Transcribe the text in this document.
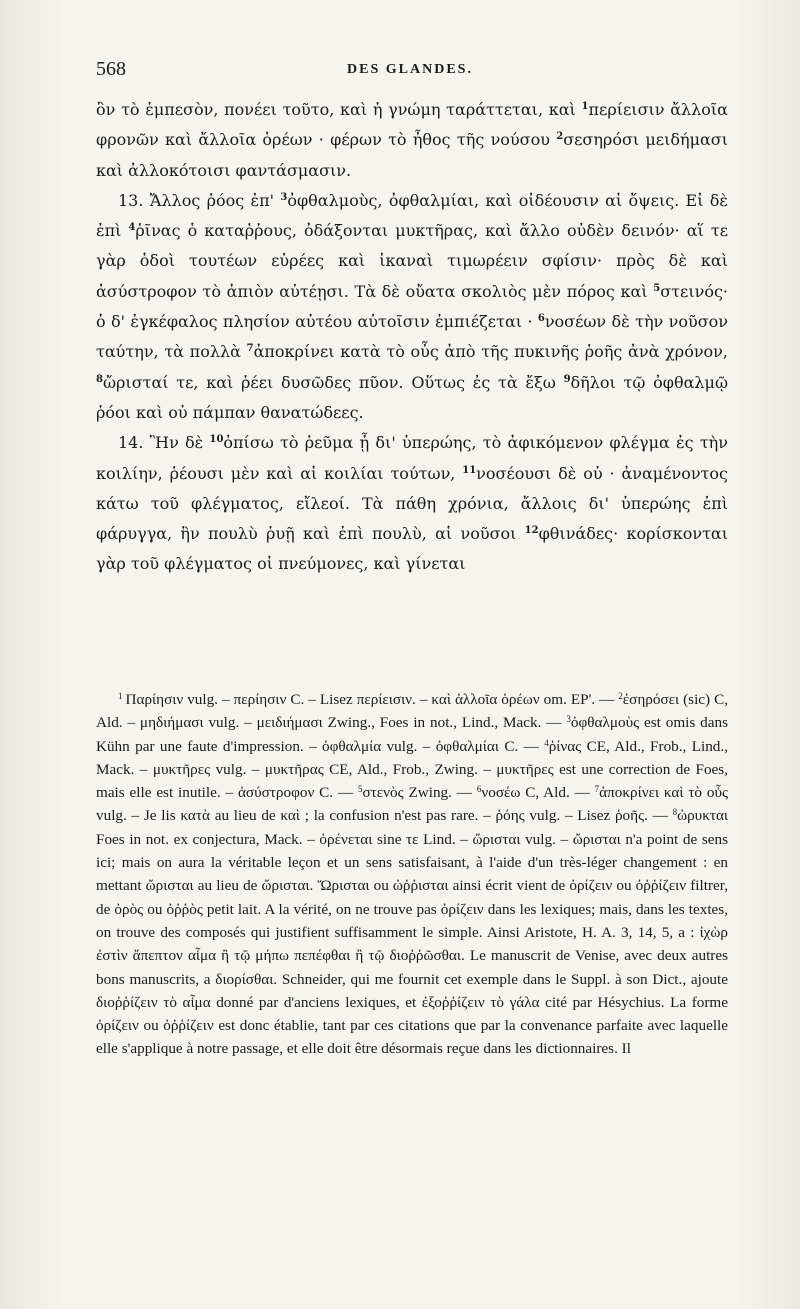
568	DES GLANDES.

ὂν τὸ ἐμπεσὸν, πονέει τοῦτο, καὶ ἡ γνώμη ταράττεται, καὶ $^1$περίεισιν ἄλλοῖα φρονῶν καὶ ἄλλοῖα ὁρέων · φέρων τὸ ἦθος τῆς νούσου $^2$σεσηρόσι μειδήμασι καὶ ἀλλοκότοισι φαντάσμασιν.

13. Ἄλλος ῥόος ἐπ' $^3$ὀφθαλμοὺς, ὀφθαλμίαι, καὶ οἰδέουσιν αἱ ὄψεις. Εἰ δὲ ἐπὶ $^4$ῥῖνας ὁ καταῤῥους, ὀδάξονται μυκτῆρας, καὶ ἄλλο οὐδὲν δεινόν· αἵ τε γὰρ ὁδοὶ τουτέων εὐρέες καὶ ἱκαναὶ τιμωρέειν σφίσιν· πρὸς δὲ καὶ ἀσύστροφον τὸ ἀπιὸν αὐτέῃσι. Τὰ δὲ οὔατα σκολιὸς μὲν πόρος καὶ $^5$στεινός· ὁ δ' ἐγκέφαλος πλησίον αὐτέου αὐτοῖσιν ἐμπιέζεται · $^6$νοσέων δὲ τὴν νοῦσον ταύτην, τὰ πολλὰ $^7$ἀποκρίνει κατὰ τὸ οὖς ἀπὸ τῆς πυκινῆς ῥοῆς ἀνὰ χρόνον, $^8$ὤρισταί τε, καὶ ῥέει δυσῶδες πῦον. Οὕτως ἐς τὰ ἔξω $^9$δῆλοι τῷ ὀφθαλμῷ ῥόοι καὶ οὐ πάμπαν θανατώδεες.

14. Ἢν δὲ $^{10}$ὀπίσω τὸ ῥεῦμα ᾖ δι' ὑπερώης, τὸ ἀφικόμενον φλέγμα ἐς τὴν κοιλίην, ῥέουσι μὲν καὶ αἱ κοιλίαι τούτων, $^{11}$νοσέουσι δὲ οὐ · ἀναμένοντος κάτω τοῦ φλέγματος, εἴλεοί. Τὰ πάθη χρόνια, ἄλλοις δι' ὑπερώης ἐπὶ φάρυγγα, ἣν πουλὺ ῥυῇ καὶ ἐπὶ πουλὺ, αἱ νοῦσοι $^{12}$φθινάδες· κορίσκονται γὰρ τοῦ φλέγματος οἱ πνεύμονες, καὶ γίνεται

$^1$  Παρίησιν vulg. – περίησιν C. – Lisez περίεισιν. – καὶ ἀλλοῖα ὁρέων om. EP'. — $^2$ἐσηρόσει (sic) C, Ald. – μηδιήμασι vulg. – μειδιήμασι Zwing., Foes in not., Lind., Mack. — $^3$ὀφθαλμοὺς est omis dans Kühn par une faute d'impression. – ὀφθαλμία vulg. – ὀφθαλμίαι C. — $^4$ῥίνας CE, Ald., Frob., Lind., Mack. – μυκτῆρες vulg. – μυκτῆρας CE, Ald., Frob., Zwing. – μυκτῆρες est une correction de Foes, mais elle est inutile. – ἀσύστροφον C. — $^5$στενὸς Zwing. — $^6$νοσέω C, Ald. — $^7$ἀποκρίνει καὶ τὸ οὖς vulg. – Je lis κατὰ au lieu de καὶ ; la confusion n'est pas rare. – ῥόης vulg. – Lisez ῥοῆς. — $^8$ὠρυκται Foes in not. ex conjectura, Mack. – ὀρένεται sine τε Lind. – ὤρισται vulg. – ὤρισται n'a point de sens ici; mais on aura la véritable leçon et un sens satisfaisant, à l'aide d'un très-léger changement : en mettant ὤρισται au lieu de ὤρισται. Ὤρισται ou ὠῤῥισται ainsi écrit vient de ὀρίζειν ou ὀῤῥίζειν filtrer, de ὀρὸς ou ὀῤῥὸς petit lait. A la vérité, on ne trouve pas ὀρίζειν dans les lexiques; mais, dans les textes, on trouve des composés qui justifient suffisamment le simple. Ainsi Aristote, H. A. 3, 14, 5, a : ἰχὼρ ἐστὶν ἄπεπτον αἷμα ἢ τῷ μήπω πεπέφθαι ἢ τῷ διοῤῥῶσθαι. Le manuscrit de Venise, avec deux autres bons manuscrits, a διορίσθαι. Schneider, qui me fournit cet exemple dans le Suppl. à son Dict., ajoute διοῤῥίζειν τὸ αἷμα donné par d'anciens lexiques, et ἐξοῤῥίζειν τὸ γάλα cité par Hésychius. La forme ὀρίζειν ou ὀῤῥίζειν est donc établie, tant par ces citations que par la convenance parfaite avec laquelle elle s'applique à notre passage, et elle doit être désormais reçue dans les dictionnaires. Il
